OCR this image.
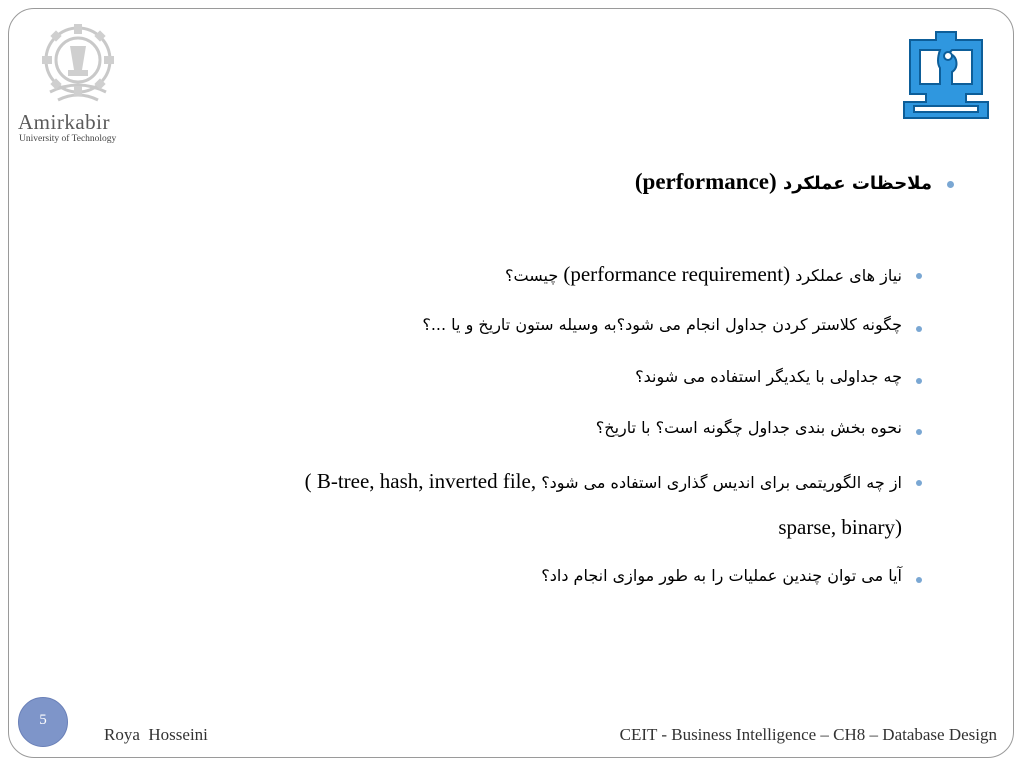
Amirkabir
University of Technology
ملاحظات عملکرد (performance)
نیاز های عملکرد (performance requirement) چیست؟
چگونه کلاستر کردن جداول انجام می شود؟به وسیله ستون تاریخ و یا ...؟
چه جداولی با یکدیگر استفاده می شوند؟
نحوه بخش بندی جداول چگونه است؟ با تاریخ؟
از چه الگوریتمی برای اندیس گذاری استفاده می شود؟ ( B-tree, hash, inverted file,
sparse, binary)
آیا می توان چندین عملیات را به طور موازی انجام داد؟
5
Roya  Hosseini	CEIT - Business Intelligence – CH8 – Database Design
